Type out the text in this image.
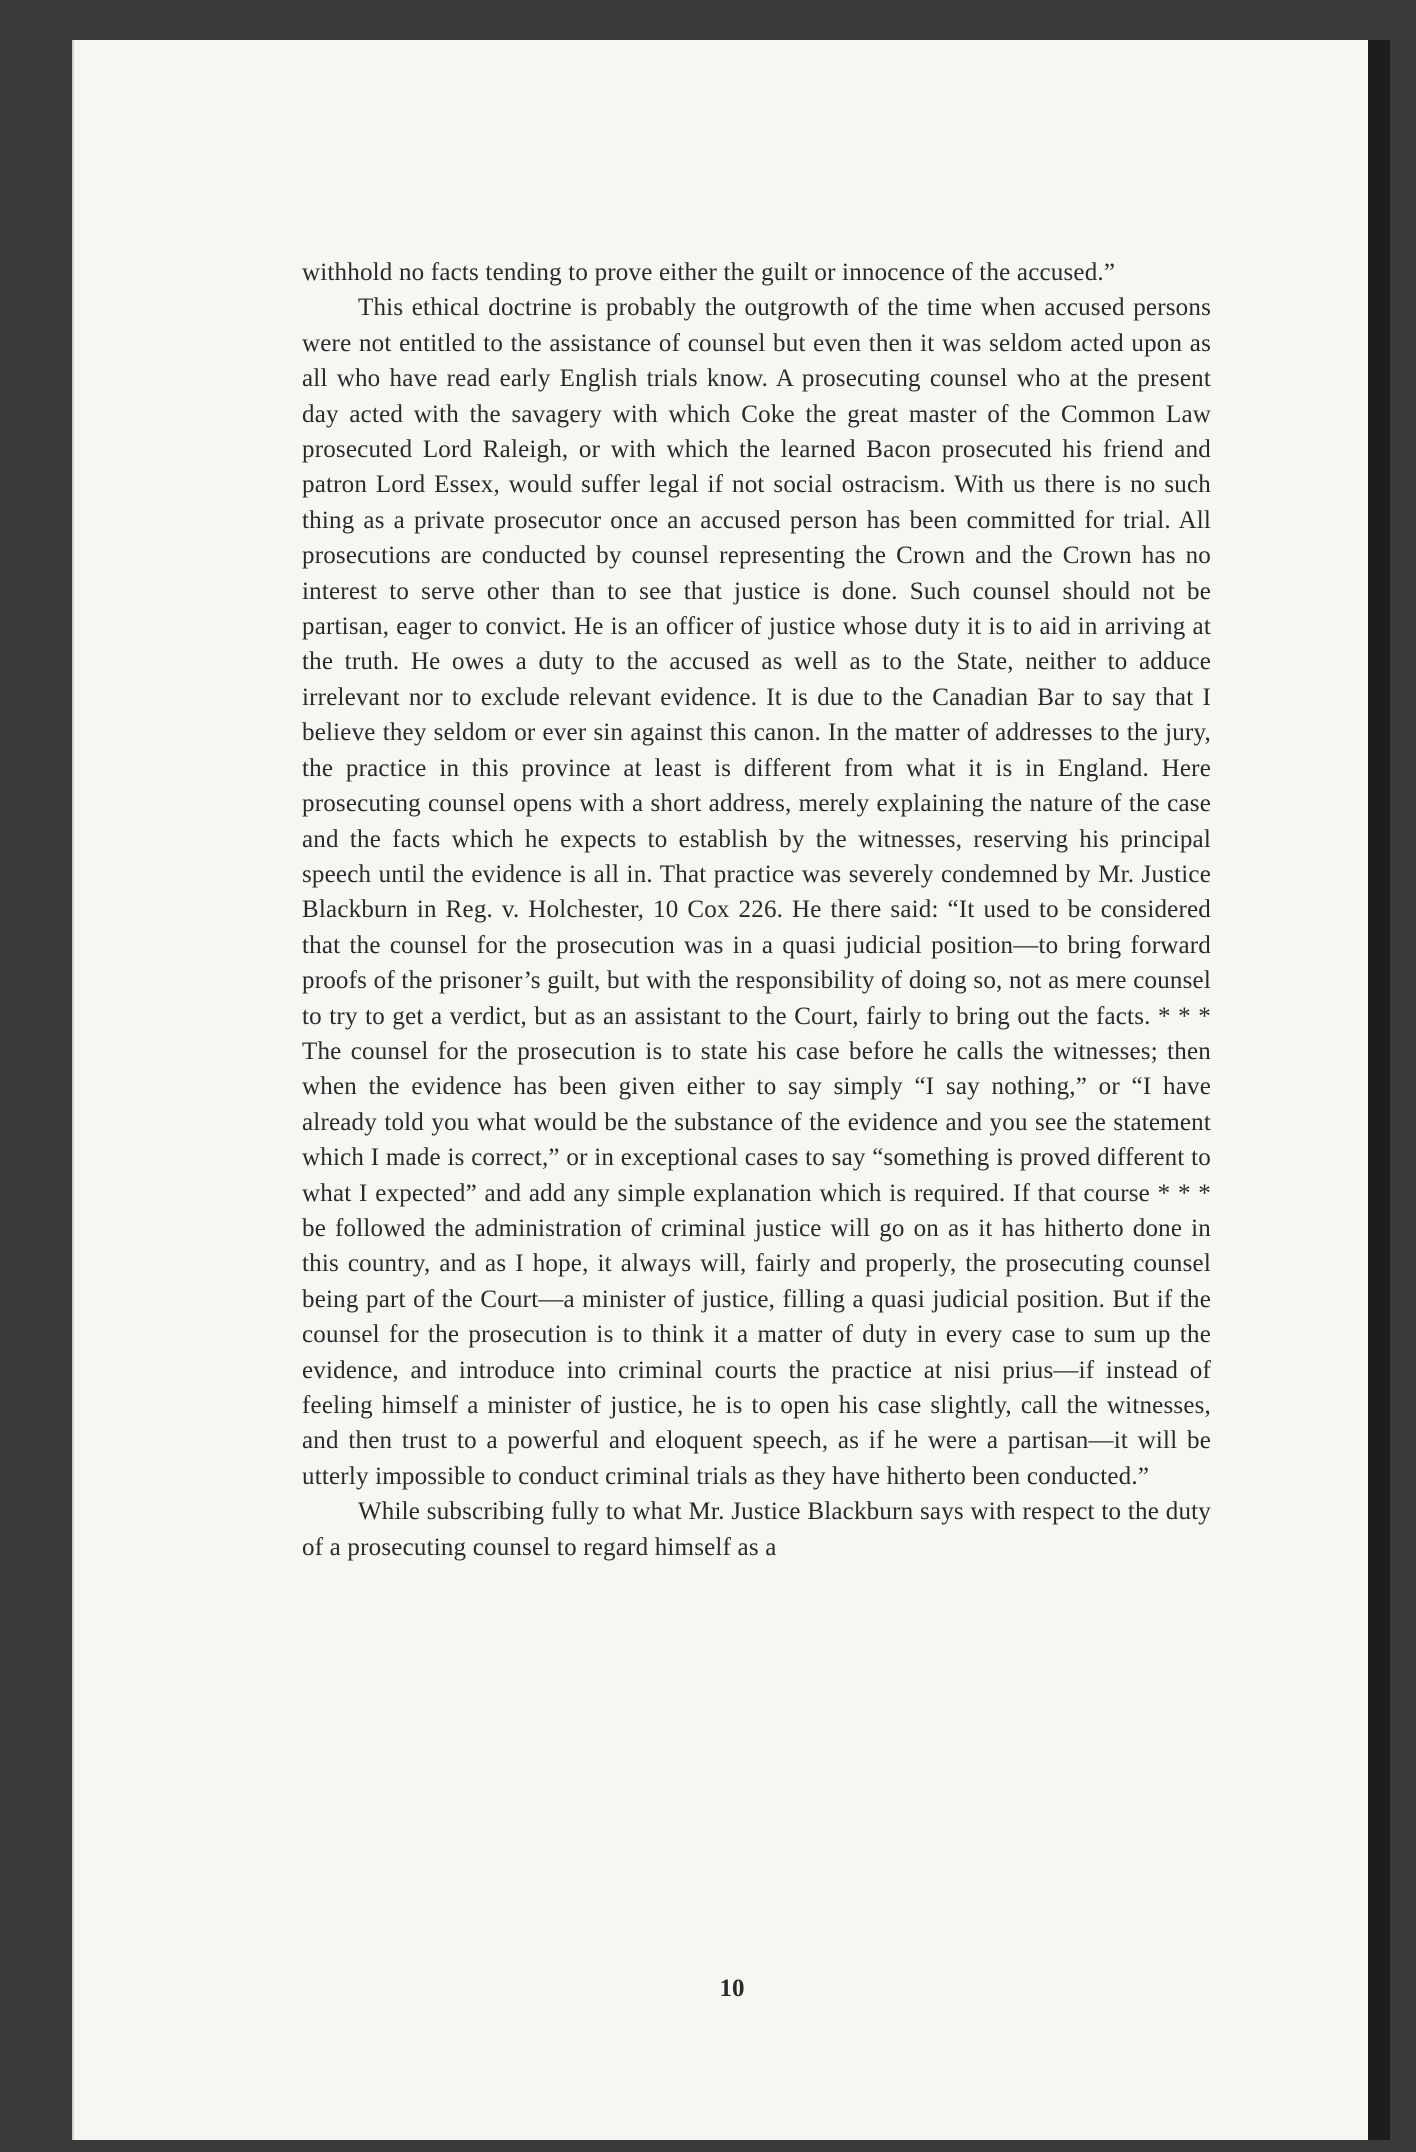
withhold no facts tending to prove either the guilt or innocence of the accused.”

This ethical doctrine is probably the outgrowth of the time when accused persons were not entitled to the assistance of counsel but even then it was seldom acted upon as all who have read early English trials know. A prosecuting counsel who at the present day acted with the savagery with which Coke the great master of the Common Law prosecuted Lord Raleigh, or with which the learned Bacon prosecuted his friend and patron Lord Essex, would suffer legal if not social ostracism. With us there is no such thing as a private prosecutor once an accused person has been committed for trial. All prosecutions are conducted by counsel representing the Crown and the Crown has no interest to serve other than to see that justice is done. Such counsel should not be partisan, eager to convict. He is an officer of justice whose duty it is to aid in arriving at the truth. He owes a duty to the accused as well as to the State, neither to adduce irrelevant nor to exclude relevant evidence. It is due to the Canadian Bar to say that I believe they seldom or ever sin against this canon. In the matter of addresses to the jury, the practice in this province at least is different from what it is in England. Here prosecuting counsel opens with a short address, merely explaining the nature of the case and the facts which he expects to establish by the witnesses, reserving his principal speech until the evidence is all in. That practice was severely condemned by Mr. Justice Blackburn in Reg. v. Holchester, 10 Cox 226. He there said: “It used to be considered that the counsel for the prosecution was in a quasi judicial position—to bring forward proofs of the prisoner’s guilt, but with the responsibility of doing so, not as mere counsel to try to get a verdict, but as an assistant to the Court, fairly to bring out the facts. * * * The counsel for the prosecution is to state his case before he calls the witnesses; then when the evidence has been given either to say simply “I say nothing,” or “I have already told you what would be the substance of the evidence and you see the statement which I made is correct,” or in exceptional cases to say “something is proved different to what I expected” and add any simple explanation which is required. If that course * * * be followed the administration of criminal justice will go on as it has hitherto done in this country, and as I hope, it always will, fairly and properly, the prosecuting counsel being part of the Court—a minister of justice, filling a quasi judicial position. But if the counsel for the prosecution is to think it a matter of duty in every case to sum up the evidence, and introduce into criminal courts the practice at nisi prius—if instead of feeling himself a minister of justice, he is to open his case slightly, call the witnesses, and then trust to a powerful and eloquent speech, as if he were a partisan—it will be utterly impossible to conduct criminal trials as they have hitherto been conducted.”

While subscribing fully to what Mr. Justice Blackburn says with respect to the duty of a prosecuting counsel to regard himself as a

10
